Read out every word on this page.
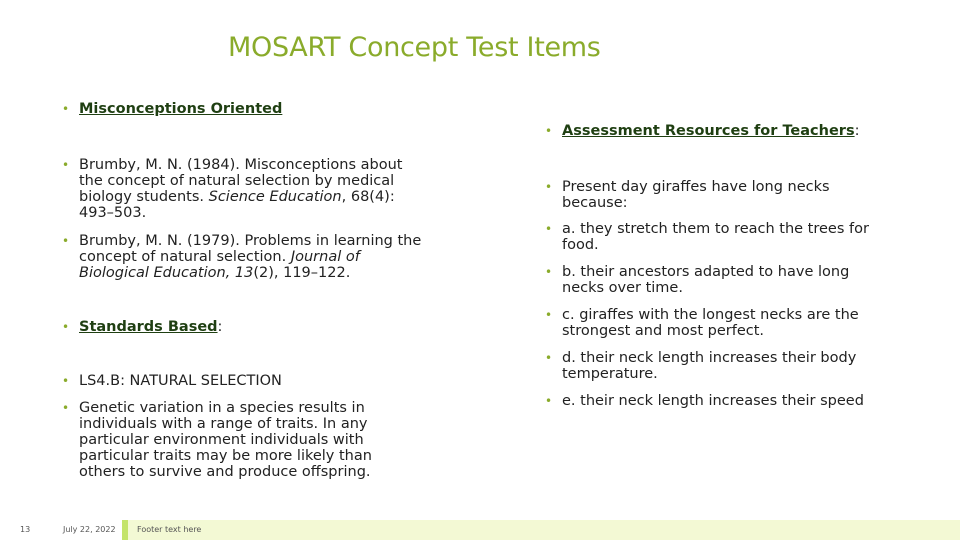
MOSART Concept Test Items
• Misconceptions Oriented
• Brumby, M. N. (1984). Misconceptions about the concept of natural selection by medical biology students. Science Education, 68(4): 493–503.
• Brumby, M. N. (1979). Problems in learning the concept of natural selection. Journal of Biological Education, 13(2), 119–122.
• Standards Based:
• LS4.B: NATURAL SELECTION
• Genetic variation in a species results in individuals with a range of traits. In any particular environment individuals with particular traits may be more likely than others to survive and produce offspring.
• Assessment Resources for Teachers:
• Present day giraffes have long necks because:
• a. they stretch them to reach the trees for food.
• b. their ancestors adapted to have long necks over time.
• c. giraffes with the longest necks are the strongest and most perfect.
• d. their neck length increases their body temperature.
• e. their neck length increases their speed
13	July 22, 2022	Footer text here
